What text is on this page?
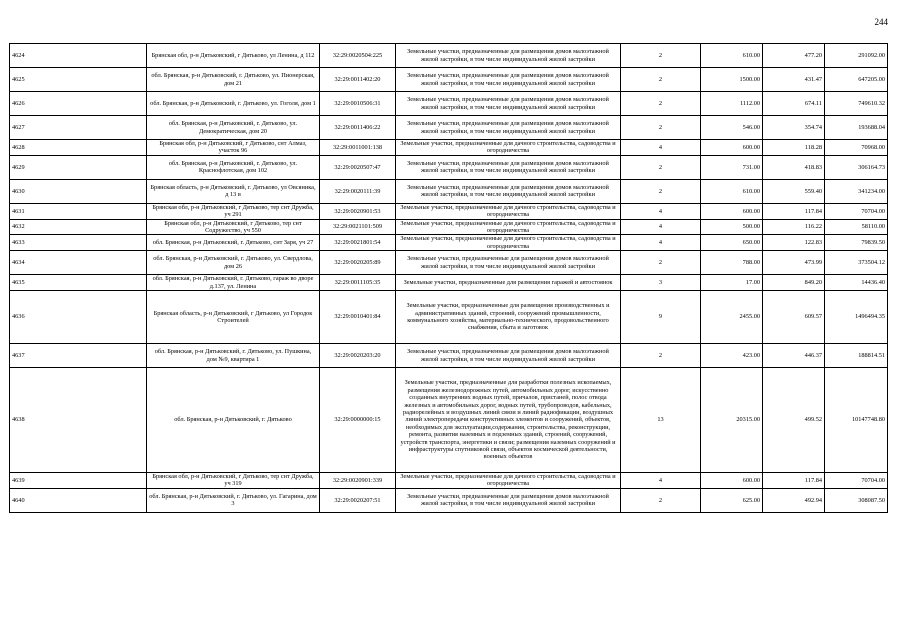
244
4624	Брянская обл, р-н Дятьковский, г Дятьково, ул Ленина, д 112	32:29:0020504:225	Земельные участки, предназначенные для размещения домов малоэтажной жилой застройки, в том числе индивидуальной жилой застройки	2	610.00	477.20	291092.00
4625	обл. Брянская, р-н Дятьковский, г. Дятьково, ул. Пионерская, дом 21	32:29:0011402:20	Земельные участки, предназначенные для размещения домов малоэтажной жилой застройки, в том числе индивидуальной жилой застройки	2	1500.00	431.47	647205.00
4626	обл. Брянская, р-н Дятьковский, г. Дятьково, ул. Гоголя, дом 1	32:29:0010506:31	Земельные участки, предназначенные для размещения домов малоэтажной жилой застройки, в том числе индивидуальной жилой застройки	2	1112.00	674.11	749610.32
4627	обл. Брянская, р-н Дятьковский, г. Дятьково, ул. Демократическая, дом 20	32:29:0011406:22	Земельные участки, предназначенные для размещения домов малоэтажной жилой застройки, в том числе индивидуальной жилой застройки	2	546.00	354.74	193688.04
4628	Брянская обл, р-н Дятьковский, г Дятьково, снт Алмаз, участок 96	32:29:0011001:138	Земельные участки, предназначенные для дачного строительства, садоводства и огородничества	4	600.00	118.28	70968.00
4629	обл. Брянская, р-н Дятьковский, г. Дятьково, ул. Краснофлотская, дом 102	32:29:0020507:47	Земельные участки, предназначенные для размещения домов малоэтажной жилой застройки, в том числе индивидуальной жилой застройки	2	731.00	418.83	306164.73
4630	Брянская область, р-н Дятьковский, г. Дятьково, ул Овсяника, д 13 в	32:29:0020111:39	Земельные участки, предназначенные для размещения домов малоэтажной жилой застройки, в том числе индивидуальной жилой застройки	2	610.00	559.40	341234.00
4631	Брянская обл, р-н Дятьковский, г Дятьково, тер снт Дружба, уч 291	32:29:0020901:53	Земельные участки, предназначенные для дачного строительства, садоводства и огородничества	4	600.00	117.84	70704.00
4632	Брянская обл, р-н Дятьковский, г Дятьково, тер снт Содружество, уч 550	32:29:0021101:509	Земельные участки, предназначенные для дачного строительства, садоводства и огородничества	4	500.00	116.22	58110.00
4633	обл. Брянская, р-н Дятьковский, г. Дятьково, снт Заря, уч 27	32:29:0021801:54	Земельные участки, предназначенные для дачного строительства, садоводства и огородничества	4	650.00	122.83	79839.50
4634	обл. Брянская, р-н Дятьковский, г. Дятьково, ул. Свердлова, дом 26	32:29:0020205:89	Земельные участки, предназначенные для размещения домов малоэтажной жилой застройки, в том числе индивидуальной жилой застройки	2	788.00	473.99	373504.12
4635	обл. Брянская, р-н Дятьковский, г. Дятьково, гараж во дворе д.137, ул. Ленина	32:29:0011105:35	Земельные участки, предназначенные для размещения гаражей и автостоянок	3	17.00	849.20	14436.40
4636	Брянская область, р-н Дятьковский, г Дятьково, ул Городок Строителей	32:29:0010401:84	Земельные участки, предназначенные для размещения производственных и административных зданий, строений, сооружений промышленности, коммунального хозяйства, материально-технического, продовольственного снабжения, сбыта и заготовок	9	2455.00	609.57	1496494.35
4637	обл. Брянская, р-н Дятьковский, г. Дятьково, ул. Пушкина, дом №9, квартира 1	32:29:0020203:20	Земельные участки, предназначенные для размещения домов малоэтажной жилой застройки, в том числе индивидуальной жилой застройки	2	423.00	446.37	188814.51
4638	обл. Брянская, р-н Дятьковский, г. Дятьково	32:29:0000000:15	Земельные участки, предназначенные для разработки полезных ископаемых, размещения железнодорожных путей, автомобильных дорог, искусственно созданных внутренних водных путей, причалов, пристаней, полос отвода железных и автомобильных дорог, водных путей, трубопроводов, кабельных, радиорелейных и воздушных линий связи и линий радиофикации, воздушных линий электропередачи конструктивных элементов и сооружений, объектов, необходимых для эксплуатации,содержания, строительства, реконструкции, ремонта, развития наземных и подземных зданий, строений, сооружений, устройств транспорта, энергетики и связи; размещения наземных сооружений и инфраструктуры спутниковой связи, объектов космической деятельности, военных объектов	13	20315.00	499.52	10147748.80
4639	Брянская обл, р-н Дятьковский, г Дятьково, тер снт Дружба, уч 319	32:29:0020901:339	Земельные участки, предназначенные для дачного строительства, садоводства и огородничества	4	600.00	117.84	70704.00
4640	обл. Брянская, р-н Дятьковский, г. Дятьково, ул. Гагарина, дом 3	32:29:0020207:51	Земельные участки, предназначенные для размещения домов малоэтажной жилой застройки, в том числе индивидуальной жилой застройки	2	625.00	492.94	308087.50
